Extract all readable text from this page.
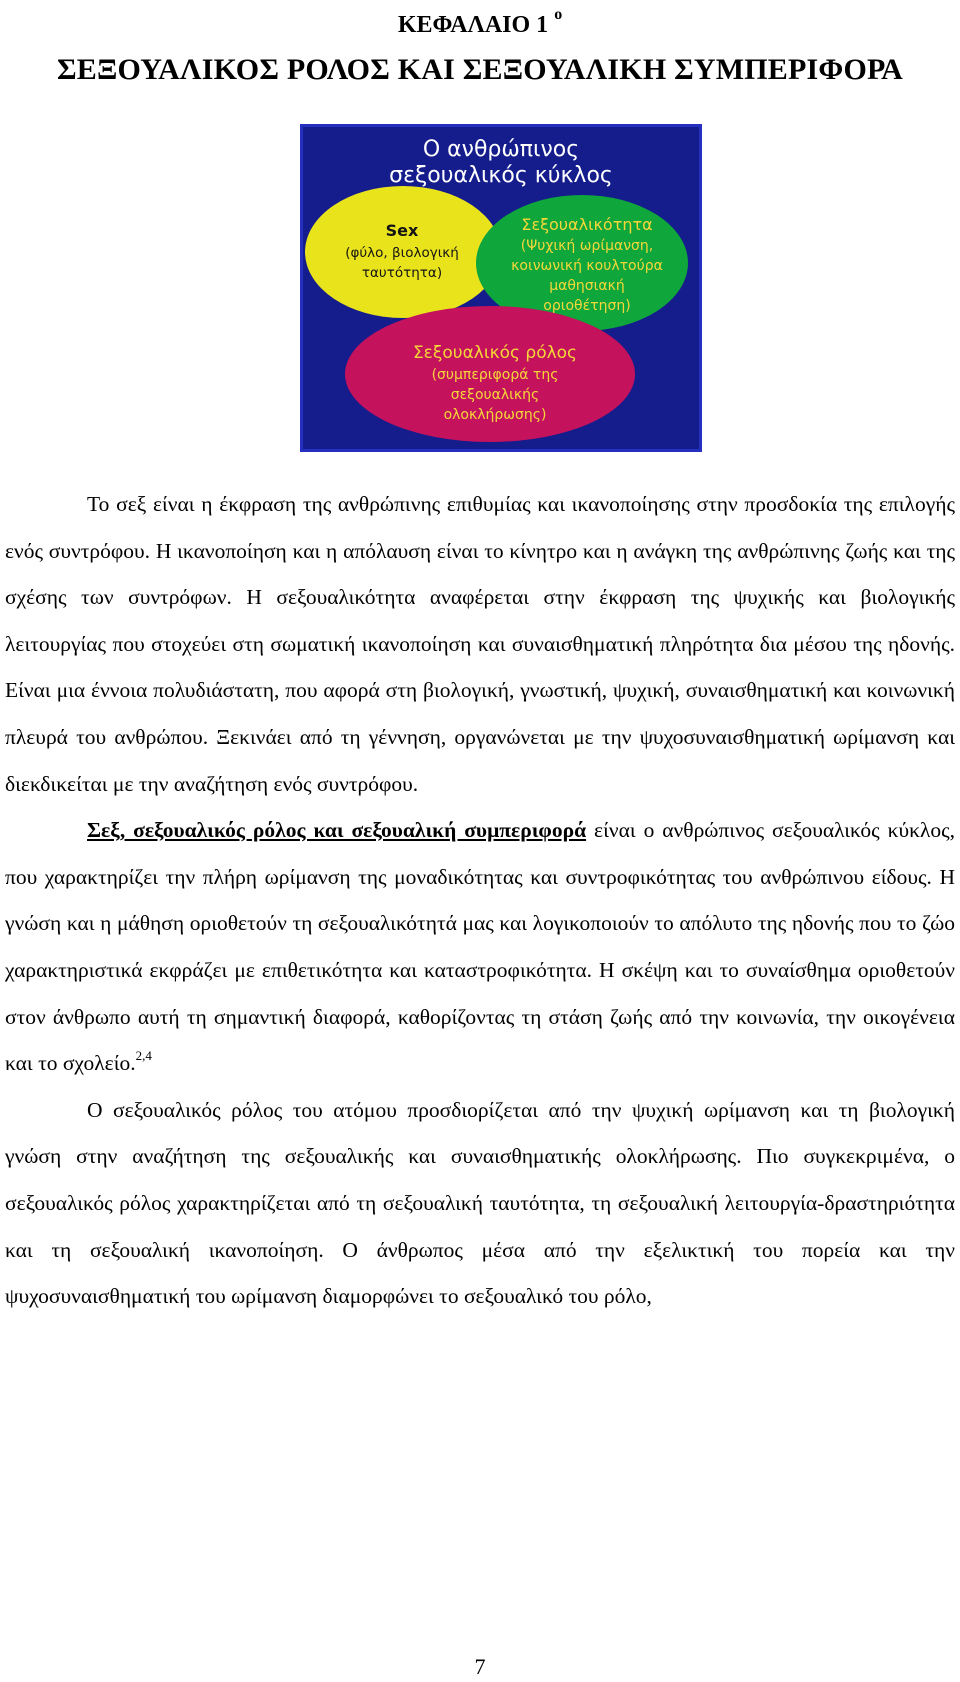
ΚΕΦΑΛΑΙΟ 1 $^o$
ΣΕΞΟΥΑΛΙΚΟΣ ΡΟΛΟΣ ΚΑΙ ΣΕΞΟΥΑΛΙΚΗ ΣΥΜΠΕΡΙΦΟΡΑ
Ο ανθρώπινος
σεξουαλικός κύκλος
Sex
(φύλο, βιολογική
ταυτότητα)
Σεξουαλικότητα
(Ψυχική ωρίμανση,
κοινωνική κουλτούρα
μαθησιακή
οριοθέτηση)
Σεξουαλικός ρόλος
(συμπεριφορά της
σεξουαλικής
ολοκλήρωσης)

Το σεξ είναι η έκφραση της ανθρώπινης επιθυμίας και ικανοποίησης στην προσδοκία της επιλογής ενός συντρόφου. Η ικανοποίηση και η απόλαυση είναι το κίνητρο και η ανάγκη της ανθρώπινης ζωής και της σχέσης των συντρόφων. Η σεξουαλικότητα αναφέρεται στην έκφραση της ψυχικής και βιολογικής λειτουργίας που στοχεύει στη σωματική ικανοποίηση και συναισθηματική πληρότητα δια μέσου της ηδονής. Είναι μια έννοια πολυδιάστατη, που αφορά στη βιολογική, γνωστική, ψυχική, συναισθηματική και κοινωνική πλευρά του ανθρώπου. Ξεκινάει από τη γέννηση, οργανώνεται με την ψυχοσυναισθηματική ωρίμανση και διεκδικείται με την αναζήτηση ενός συντρόφου.

Σεξ, σεξουαλικός ρόλος και σεξουαλική συμπεριφορά είναι ο ανθρώπινος σεξουαλικός κύκλος, που χαρακτηρίζει την πλήρη ωρίμανση της μοναδικότητας και συντροφικότητας του ανθρώπινου είδους. Η γνώση και η μάθηση οριοθετούν τη σεξουαλικότητά μας και λογικοποιούν το απόλυτο της ηδονής που το ζώο χαρακτηριστικά εκφράζει με επιθετικότητα και καταστροφικότητα. Η σκέψη και το συναίσθημα οριοθετούν στον άνθρωπο αυτή τη σημαντική διαφορά, καθορίζοντας τη στάση ζωής από την κοινωνία, την οικογένεια και το σχολείο.$^{2,4}$

Ο σεξουαλικός ρόλος του ατόμου προσδιορίζεται από την ψυχική ωρίμανση και τη βιολογική γνώση στην αναζήτηση της σεξουαλικής και συναισθηματικής ολοκλήρωσης. Πιο συγκεκριμένα, ο σεξουαλικός ρόλος χαρακτηρίζεται από τη σεξουαλική ταυτότητα, τη σεξουαλική λειτουργία-δραστηριότητα και τη σεξουαλική ικανοποίηση. Ο άνθρωπος μέσα από την εξελικτική του πορεία και την ψυχοσυναισθηματική του ωρίμανση διαμορφώνει το σεξουαλικό του ρόλο,

7
